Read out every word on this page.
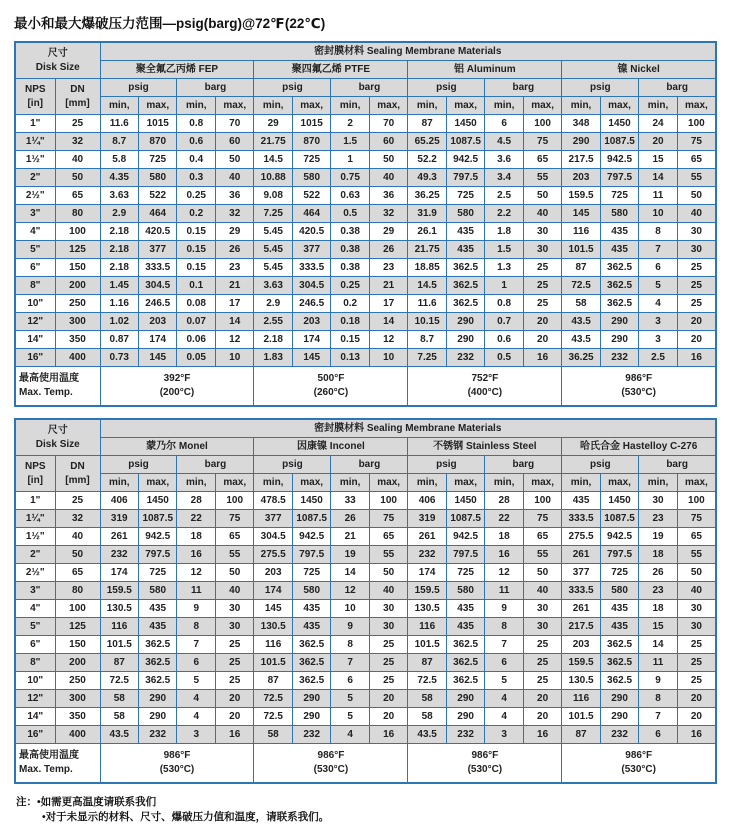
最小和最大爆破压力范围—psig(barg)@72℉(22℃)
尺寸
Disk Size		密封膜材料 Sealing Membrane Materials															
		聚全氟乙丙烯 FEP				聚四氟乙烯 PTFE				铝 Aluminum				镍 Nickel			
NPS
[in]	DN
[mm]	psig		barg		psig		barg		psig		barg		psig		barg	
		min,	max,	min,	max,	min,	max,	min,	max,	min,	max,	min,	max,	min,	max,	min,	max,
1"	25	11.6	1015	0.8	70	29	1015	2	70	87	1450	6	100	348	1450	24	100
1¼"	32	8.7	870	0.6	60	21.75	870	1.5	60	65.25	1087.5	4.5	75	290	1087.5	20	75
1½"	40	5.8	725	0.4	50	14.5	725	1	50	52.2	942.5	3.6	65	217.5	942.5	15	65
2"	50	4.35	580	0.3	40	10.88	580	0.75	40	49.3	797.5	3.4	55	203	797.5	14	55
2½"	65	3.63	522	0.25	36	9.08	522	0.63	36	36.25	725	2.5	50	159.5	725	11	50
3"	80	2.9	464	0.2	32	7.25	464	0.5	32	31.9	580	2.2	40	145	580	10	40
4"	100	2.18	420.5	0.15	29	5.45	420.5	0.38	29	26.1	435	1.8	30	116	435	8	30
5"	125	2.18	377	0.15	26	5.45	377	0.38	26	21.75	435	1.5	30	101.5	435	7	30
6"	150	2.18	333.5	0.15	23	5.45	333.5	0.38	23	18.85	362.5	1.3	25	87	362.5	6	25
8"	200	1.45	304.5	0.1	21	3.63	304.5	0.25	21	14.5	362.5	1	25	72.5	362.5	5	25
10"	250	1.16	246.5	0.08	17	2.9	246.5	0.2	17	11.6	362.5	0.8	25	58	362.5	4	25
12"	300	1.02	203	0.07	14	2.55	203	0.18	14	10.15	290	0.7	20	43.5	290	3	20
14"	350	0.87	174	0.06	12	2.18	174	0.15	12	8.7	290	0.6	20	43.5	290	3	20
16"	400	0.73	145	0.05	10	1.83	145	0.13	10	7.25	232	0.5	16	36.25	232	2.5	16
最高使用温度
Max. Temp.		392°F
(200°C)				500°F
(260°C)				752°F
(400°C)				986°F
(530°C)			
尺寸
Disk Size		密封膜材料 Sealing Membrane Materials															
		蒙乃尔 Monel				因康镍 Inconel				不锈钢 Stainless Steel				哈氏合金 Hastelloy C-276			
NPS
[in]	DN
[mm]	psig		barg		psig		barg		psig		barg		psig		barg	
		min,	max,	min,	max,	min,	max,	min,	max,	min,	max,	min,	max,	min,	max,	min,	max,
1"	25	406	1450	28	100	478.5	1450	33	100	406	1450	28	100	435	1450	30	100
1¼"	32	319	1087.5	22	75	377	1087.5	26	75	319	1087.5	22	75	333.5	1087.5	23	75
1½"	40	261	942.5	18	65	304.5	942.5	21	65	261	942.5	18	65	275.5	942.5	19	65
2"	50	232	797.5	16	55	275.5	797.5	19	55	232	797.5	16	55	261	797.5	18	55
2½"	65	174	725	12	50	203	725	14	50	174	725	12	50	377	725	26	50
3"	80	159.5	580	11	40	174	580	12	40	159.5	580	11	40	333.5	580	23	40
4"	100	130.5	435	9	30	145	435	10	30	130.5	435	9	30	261	435	18	30
5"	125	116	435	8	30	130.5	435	9	30	116	435	8	30	217.5	435	15	30
6"	150	101.5	362.5	7	25	116	362.5	8	25	101.5	362.5	7	25	203	362.5	14	25
8"	200	87	362.5	6	25	101.5	362.5	7	25	87	362.5	6	25	159.5	362.5	11	25
10"	250	72.5	362.5	5	25	87	362.5	6	25	72.5	362.5	5	25	130.5	362.5	9	25
12"	300	58	290	4	20	72.5	290	5	20	58	290	4	20	116	290	8	20
14"	350	58	290	4	20	72.5	290	5	20	58	290	4	20	101.5	290	7	20
16"	400	43.5	232	3	16	58	232	4	16	43.5	232	3	16	87	232	6	16
最高使用温度
Max. Temp.		986°F
(530°C)				986°F
(530°C)				986°F
(530°C)				986°F
(530°C)			
注：•如需更高温度请联系我们
•对于未显示的材料、尺寸、爆破压力值和温度，请联系我们。
